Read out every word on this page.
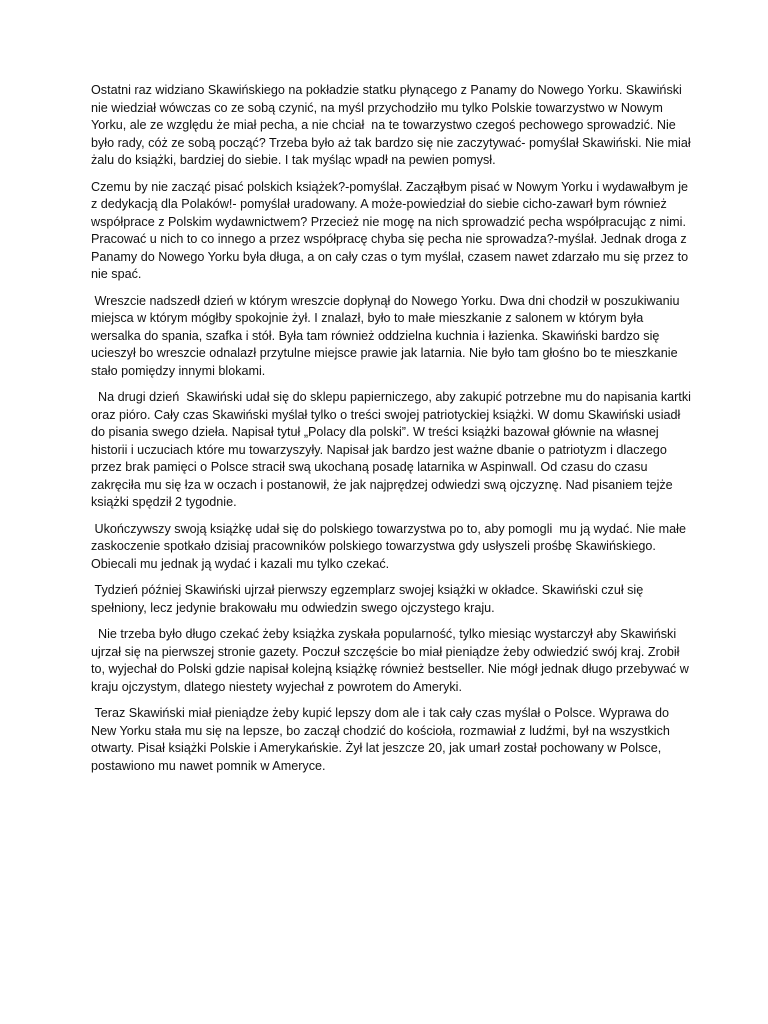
Ostatni raz widziano Skawińskiego na pokładzie statku płynącego z Panamy do Nowego Yorku. Skawiński nie wiedział wówczas co ze sobą czynić, na myśl przychodziło mu tylko Polskie towarzystwo w Nowym Yorku, ale ze względu że miał pecha, a nie chciał  na te towarzystwo czegoś pechowego sprowadzić. Nie było rady, cóż ze sobą począć? Trzeba było aż tak bardzo się nie zaczytywać- pomyślał Skawiński. Nie miał żalu do książki, bardziej do siebie. I tak myśląc wpadł na pewien pomysł.

Czemu by nie zacząć pisać polskich książek?-pomyślał. Zacząłbym pisać w Nowym Yorku i wydawałbym je z dedykacją dla Polaków!- pomyślał uradowany. A może-powiedział do siebie cicho-zawarł bym również współprace z Polskim wydawnictwem? Przecież nie mogę na nich sprowadzić pecha współpracując z nimi. Pracować u nich to co innego a przez współpracę chyba się pecha nie sprowadza?-myślał. Jednak droga z Panamy do Nowego Yorku była długa, a on cały czas o tym myślał, czasem nawet zdarzało mu się przez to nie spać.

Wreszcie nadszedł dzień w którym wreszcie dopłynął do Nowego Yorku. Dwa dni chodził w poszukiwaniu miejsca w którym mógłby spokojnie żył. I znalazł, było to małe mieszkanie z salonem w którym była wersalka do spania, szafka i stół. Była tam również oddzielna kuchnia i łazienka. Skawiński bardzo się ucieszył bo wreszcie odnalazł przytulne miejsce prawie jak latarnia. Nie było tam głośno bo te mieszkanie stało pomiędzy innymi blokami.

Na drugi dzień  Skawiński udał się do sklepu papierniczego, aby zakupić potrzebne mu do napisania kartki oraz pióro. Cały czas Skawiński myślał tylko o treści swojej patriotyckiej książki. W domu Skawiński usiadł do pisania swego dzieła. Napisał tytuł „Polacy dla polski”. W treści książki bazował głównie na własnej historii i uczuciach które mu towarzyszyły. Napisał jak bardzo jest ważne dbanie o patriotyzm i dlaczego przez brak pamięci o Polsce stracił swą ukochaną posadę latarnika w Aspinwall. Od czasu do czasu zakręciła mu się łza w oczach i postanowił, że jak najprędzej odwiedzi swą ojczyznę. Nad pisaniem tejże książki spędził 2 tygodnie.

Ukończywszy swoją książkę udał się do polskiego towarzystwa po to, aby pomogli  mu ją wydać. Nie małe zaskoczenie spotkało dzisiaj pracowników polskiego towarzystwa gdy usłyszeli prośbę Skawińskiego. Obiecali mu jednak ją wydać i kazali mu tylko czekać.

Tydzień później Skawiński ujrzał pierwszy egzemplarz swojej książki w okładce. Skawiński czuł się spełniony, lecz jedynie brakowału mu odwiedzin swego ojczystego kraju.

Nie trzeba było długo czekać żeby książka zyskała popularność, tylko miesiąc wystarczył aby Skawiński ujrzał się na pierwszej stronie gazety. Poczuł szczęście bo miał pieniądze żeby odwiedzić swój kraj. Zrobił to, wyjechał do Polski gdzie napisał kolejną książkę również bestseller. Nie mógł jednak długo przebywać w kraju ojczystym, dlatego niestety wyjechał z powrotem do Ameryki.

Teraz Skawiński miał pieniądze żeby kupić lepszy dom ale i tak cały czas myślał o Polsce. Wyprawa do New Yorku stała mu się na lepsze, bo zaczął chodzić do kościoła, rozmawiał z ludźmi, był na wszystkich otwarty. Pisał książki Polskie i Amerykańskie. Żył lat jeszcze 20, jak umarł został pochowany w Polsce, postawiono mu nawet pomnik w Ameryce.
